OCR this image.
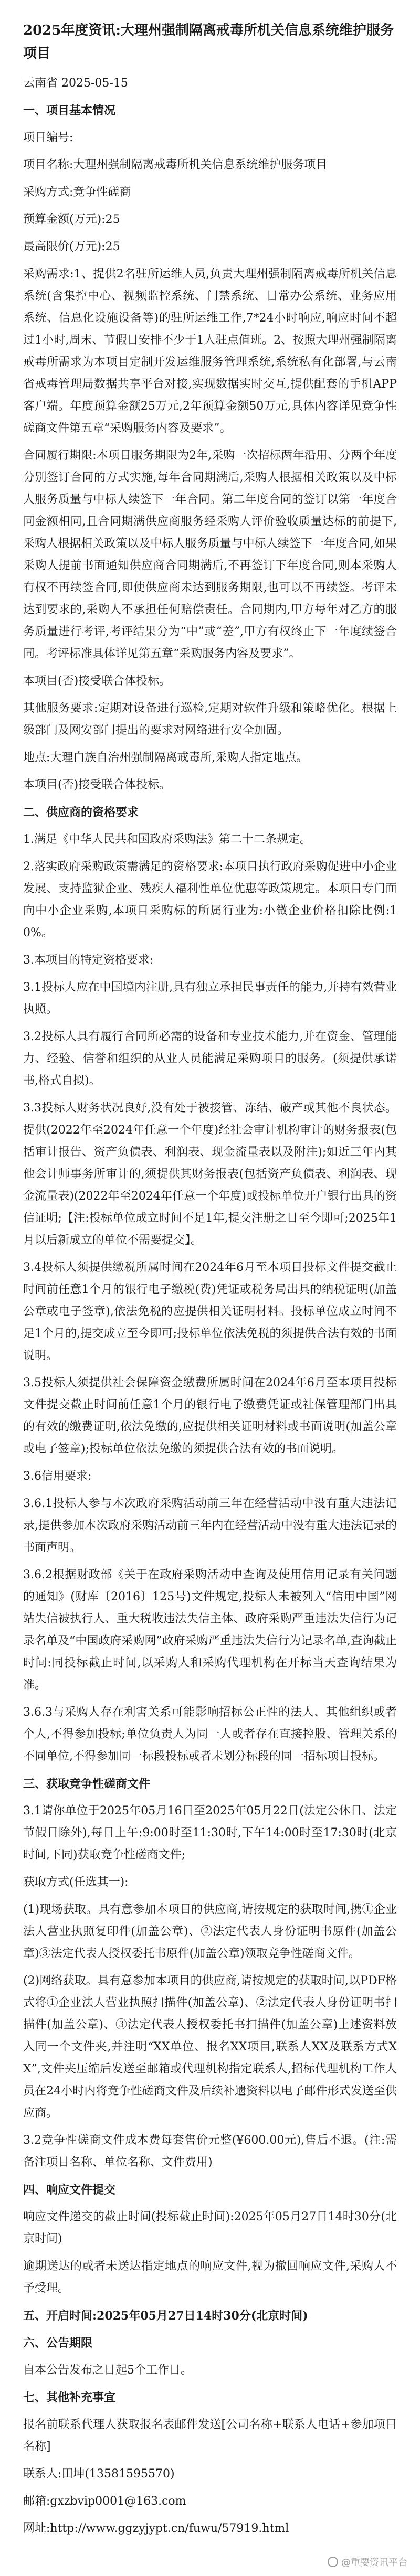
2025年度资讯:大理州强制隔离戒毒所机关信息系统维护服务项目
云南省 2025-05-15
一、项目基本情况
项目编号:
项目名称:大理州强制隔离戒毒所机关信息系统维护服务项目
采购方式:竞争性磋商
预算金额(万元):25
最高限价(万元):25
采购需求:1、提供2名驻所运维人员,负责大理州强制隔离戒毒所机关信息系统(含集控中心、视频监控系统、门禁系统、日常办公系统、业务应用系统、信息化设施设备等)的驻所运维工作,7*24小时响应,响应时间不超过1小时,周末、节假日安排不少于1人驻点值班。2、按照大理州强制隔离戒毒所需求为本项目定制开发运维服务管理系统,系统私有化部署,与云南省戒毒管理局数据共享平台对接,实现数据实时交互,提供配套的手机APP客户端。年度预算金额25万元,2年预算金额50万元,具体内容详见竞争性磋商文件第五章“采购服务内容及要求”。
合同履行期限:本项目服务期限为2年,采购一次招标两年沿用、分两个年度分别签订合同的方式实施,每年合同期满后,采购人根据相关政策以及中标人服务质量与中标人续签下一年合同。第二年度合同的签订以第一年度合同金额相同,且合同期满供应商服务经采购人评价验收质量达标的前提下,采购人根据相关政策以及中标人服务质量与中标人续签下一年度合同,如果采购人提前书面通知供应商合同期满后,不再签订下年度合同,则本采购人有权不再续签合同,即使供应商未达到服务期限,也可以不再续签。考评未达到要求的,采购人不承担任何赔偿责任。合同期内,甲方每年对乙方的服务质量进行考评,考评结果分为“中”或“差”,甲方有权终止下一年度续签合同。考评标准具体详见第五章“采购服务内容及要求”。
本项目(否)接受联合体投标。
其他服务要求:定期对设备进行巡检,定期对软件升级和策略优化。根据上级部门及网安部门提出的要求对网络进行安全加固。
地点:大理白族自治州强制隔离戒毒所,采购人指定地点。
本项目(否)接受联合体投标。
二、供应商的资格要求
1.满足《中华人民共和国政府采购法》第二十二条规定。
2.落实政府采购政策需满足的资格要求:本项目执行政府采购促进中小企业发展、支持监狱企业、残疾人福利性单位优惠等政策规定。本项目专门面向中小企业采购,本项目采购标的所属行业为:小微企业价格扣除比例:10%。
3.本项目的特定资格要求:
3.1投标人应在中国境内注册,具有独立承担民事责任的能力,并持有效营业执照。
3.2投标人具有履行合同所必需的设备和专业技术能力,并在资金、管理能力、经验、信誉和组织的从业人员能满足采购项目的服务。(须提供承诺书,格式自拟)。
3.3投标人财务状况良好,没有处于被接管、冻结、破产或其他不良状态。提供(2022年至2024年任意一个年度)经社会审计机构审计的财务报表(包括审计报告、资产负债表、利润表、现金流量表以及附注);如近三年内其他会计师事务所审计的,须提供其财务报表(包括资产负债表、利润表、现金流量表)(2022年至2024年任意一个年度)或投标单位开户银行出具的资信证明;【注:投标单位成立时间不足1年,提交注册之日至今即可;2025年1月以后新成立的单位不需要提交】。
3.4投标人须提供缴税所属时间在2024年6月至本项目投标文件提交截止时间前任意1个月的银行电子缴税(费)凭证或税务局出具的纳税证明(加盖公章或电子签章),依法免税的应提供相关证明材料。投标单位成立时间不足1个月的,提交成立至今即可;投标单位依法免税的须提供合法有效的书面说明。
3.5投标人须提供社会保障资金缴费所属时间在2024年6月至本项目投标文件提交截止时间前任意1个月的银行电子缴费凭证或社保管理部门出具的有效的缴费证明,依法免缴的,应提供相关证明材料或书面说明(加盖公章或电子签章);投标单位依法免缴的须提供合法有效的书面说明。
3.6信用要求:
3.6.1投标人参与本次政府采购活动前三年在经营活动中没有重大违法记录,提供参加本次政府采购活动前三年内在经营活动中没有重大违法记录的书面声明。
3.6.2根据财政部《关于在政府采购活动中查询及使用信用记录有关问题的通知》(财库〔2016〕125号)文件规定,投标人未被列入“信用中国”网站失信被执行人、重大税收违法失信主体、政府采购严重违法失信行为记录名单及“中国政府采购网”政府采购严重违法失信行为记录名单,查询截止时间:同投标截止时间,以采购人和采购代理机构在开标当天查询结果为准。
3.6.3与采购人存在利害关系可能影响招标公正性的法人、其他组织或者个人,不得参加投标;单位负责人为同一人或者存在直接控股、管理关系的不同单位,不得参加同一标段投标或者未划分标段的同一招标项目投标。
三、获取竞争性磋商文件
3.1请你单位于2025年05月16日至2025年05月22日(法定公休日、法定节假日除外),每日上午:9:00时至11:30时,下午14:00时至17:30时(北京时间,下同)获取竞争性磋商文件;
获取方式(任选其一):
(1)现场获取。具有意参加本项目的供应商,请按规定的获取时间,携①企业法人营业执照复印件(加盖公章)、②法定代表人身份证明书原件(加盖公章)③法定代表人授权委托书原件(加盖公章)领取竞争性磋商文件。
(2)网络获取。具有意参加本项目的供应商,请按规定的获取时间,以PDF格式将①企业法人营业执照扫描件(加盖公章)、②法定代表人身份证明书扫描件(加盖公章)、③法定代表人授权委托书扫描件(加盖公章)上述资料放入同一个文件夹,并注明“XX单位、报名XX项目,联系人XX及联系方式XX”,文件夹压缩后发送至邮箱或代理机构指定联系人,招标代理机构工作人员在24小时内将竞争性磋商文件及后续补遗资料以电子邮件形式发送至供应商。
3.2竞争性磋商文件成本费每套售价元整(¥600.00元),售后不退。(注:需备注项目名称、单位名称、文件费用)
四、响应文件提交
响应文件递交的截止时间(投标截止时间):2025年05月27日14时30分(北京时间)
逾期送达的或者未送达指定地点的响应文件,视为撤回响应文件,采购人不予受理。
五、开启时间:2025年05月27日14时30分(北京时间)
六、公告期限
自本公告发布之日起5个工作日。
七、其他补充事宜
报名前联系代理人获取报名表邮件发送[公司名称+联系人电话+参加项目名称]
联系人:田坤(13581595570)
邮箱:gxzbvip0001@163.com
网址:http://www.ggzyjypt.cn/fuwu/57919.html
@重要资讯平台
